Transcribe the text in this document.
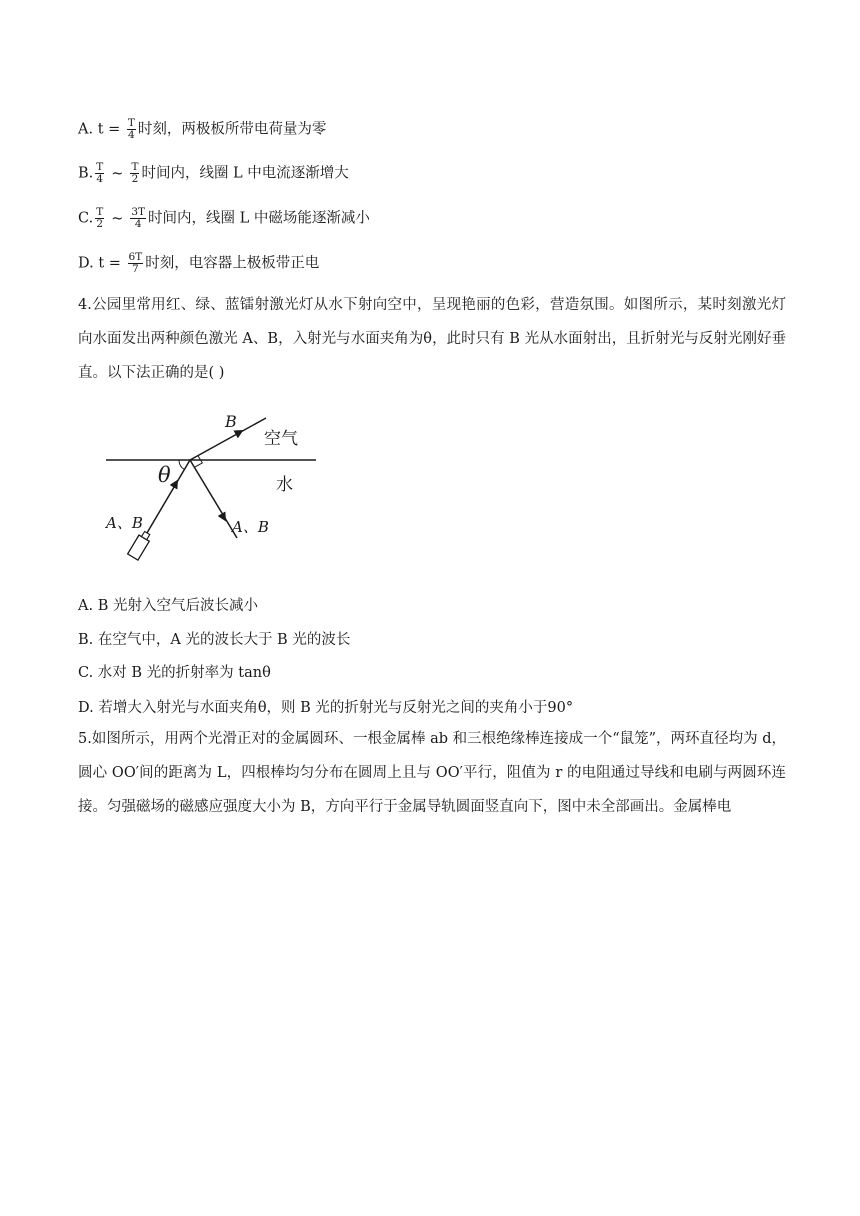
A. $t = \frac{T}{4}$ 时刻，两极板所带电荷量为零
B. $\frac{T}{4}$ ~ $\frac{T}{2}$ 时间内，线圈 L 中电流逐渐增大
C. $\frac{T}{2}$ ~ $\frac{3T}{4}$ 时间内，线圈 L 中磁场能逐渐减小
D. $t = \frac{6T}{7}$ 时刻，电容器上极板带正电
4.公园里常用红、绿、蓝镭射激光灯从水下射向空中，呈现艳丽的色彩，营造氛围。如图所示，某时刻激光灯向水面发出两种颜色激光 A、B，入射光与水面夹角为θ，此时只有 B 光从水面射出，且折射光与反射光刚好垂直。以下法正确的是( )
空气
水
B
θ
A、B	A、B
A. B 光射入空气后波长减小
B. 在空气中，A 光的波长大于 B 光的波长
C. 水对 B 光的折射率为 tanθ
D. 若增大入射光与水面夹角θ，则 B 光的折射光与反射光之间的夹角小于90°
5.如图所示，用两个光滑正对的金属圆环、一根金属棒 ab 和三根绝缘棒连接成一个“鼠笼”，两环直径均为 d，圆心 OO′间的距离为 L，四根棒均匀分布在圆周上且与 OO′平行，阻值为 r 的电阻通过导线和电刷与两圆环连接。匀强磁场的磁感应强度大小为 B，方向平行于金属导轨圆面竖直向下，图中未全部画出。金属棒电
